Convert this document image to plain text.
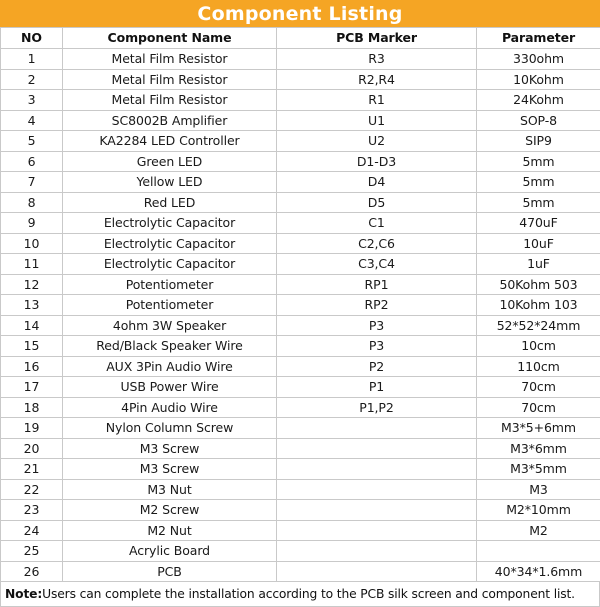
Component Listing
NO	Component Name	PCB Marker	Parameter
1	Metal Film Resistor	R3	330ohm
2	Metal Film Resistor	R2,R4	10Kohm
3	Metal Film Resistor	R1	24Kohm
4	SC8002B Amplifier	U1	SOP-8
5	KA2284 LED Controller	U2	SIP9
6	Green LED	D1-D3	5mm
7	Yellow LED	D4	5mm
8	Red LED	D5	5mm
9	Electrolytic Capacitor	C1	470uF
10	Electrolytic Capacitor	C2,C6	10uF
11	Electrolytic Capacitor	C3,C4	1uF
12	Potentiometer	RP1	50Kohm 503
13	Potentiometer	RP2	10Kohm 103
14	4ohm 3W Speaker	P3	52*52*24mm
15	Red/Black Speaker Wire	P3	10cm
16	AUX 3Pin Audio Wire	P2	110cm
17	USB Power Wire	P1	70cm
18	4Pin Audio Wire	P1,P2	70cm
19	Nylon Column Screw		M3*5+6mm
20	M3 Screw		M3*6mm
21	M3 Screw		M3*5mm
22	M3 Nut		M3
23	M2 Screw		M2*10mm
24	M2 Nut		M2
25	Acrylic Board		
26	PCB		40*34*1.6mm
Note: Users can complete the installation according to the PCB silk screen and component list.
